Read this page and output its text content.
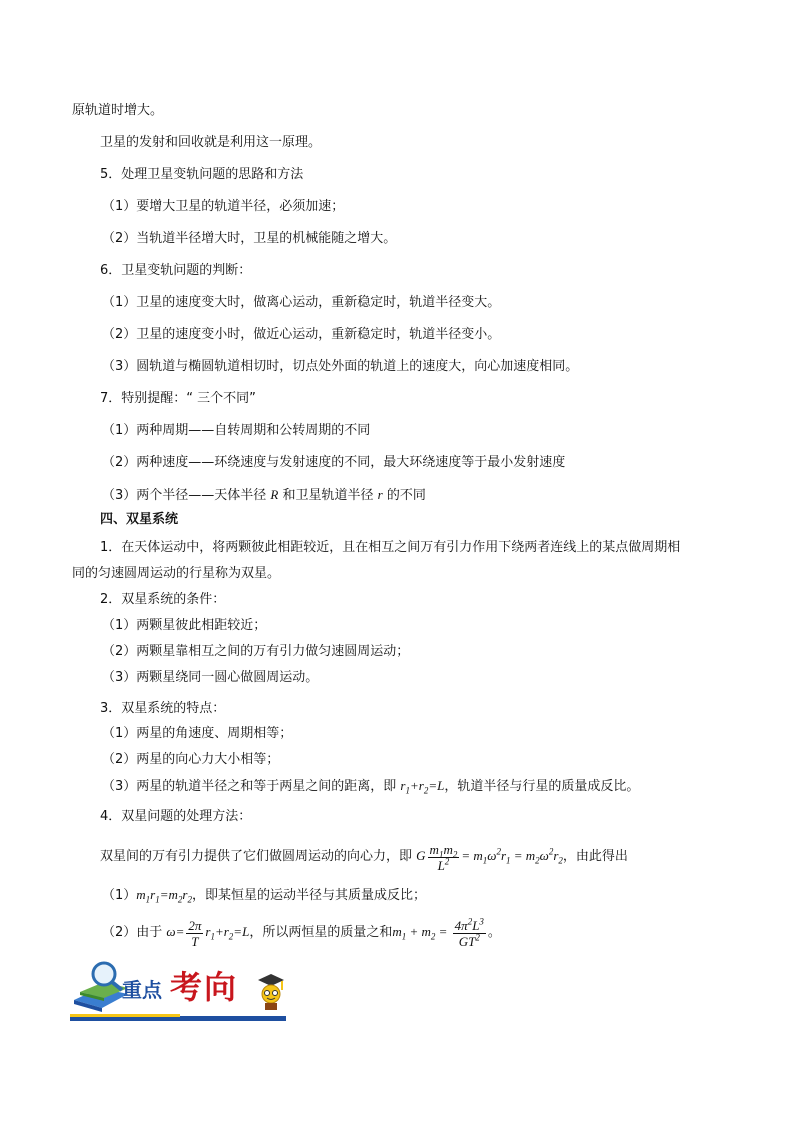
原轨道时增大。
卫星的发射和回收就是利用这一原理。
5．处理卫星变轨问题的思路和方法
（1）要增大卫星的轨道半径，必须加速；
（2）当轨道半径增大时，卫星的机械能随之增大。
6．卫星变轨问题的判断：
（1）卫星的速度变大时，做离心运动，重新稳定时，轨道半径变大。
（2）卫星的速度变小时，做近心运动，重新稳定时，轨道半径变小。
（3）圆轨道与椭圆轨道相切时，切点处外面的轨道上的速度大，向心加速度相同。
7．特别提醒：“ 三个不同”
（1）两种周期——自转周期和公转周期的不同
（2）两种速度——环绕速度与发射速度的不同，最大环绕速度等于最小发射速度
（3）两个半径——天体半径 R 和卫星轨道半径 r 的不同
四、双星系统
1．在天体运动中，将两颗彼此相距较近，且在相互之间万有引力作用下绕两者连线上的某点做周期相
同的匀速圆周运动的行星称为双星。
2．双星系统的条件：
（1）两颗星彼此相距较近；
（2）两颗星靠相互之间的万有引力做匀速圆周运动；
（3）两颗星绕同一圆心做圆周运动。
3．双星系统的特点：
（1）两星的角速度、周期相等；
（2）两星的向心力大小相等；
（3）两星的轨道半径之和等于两星之间的距离，即 $r_1+r_2=L$，轨道半径与行星的质量成反比。
4．双星问题的处理方法：
双星间的万有引力提供了它们做圆周运动的向心力，即 G $\frac{m_1m_2}{L^2} = m_1\omega^2r_1 = m_2\omega^2r_2$，由此得出
$(1)m_1r_1=m_2r_2$，即某恒星的运动半径与其质量成反比；
（2）由于 $\omega= \frac{2\pi}{T} r_1+r_2=L$，所以两恒星的质量之和$m_1 + m_2 = \frac{4\pi^2L^3}{GT^2}$ 。
重点 考向
